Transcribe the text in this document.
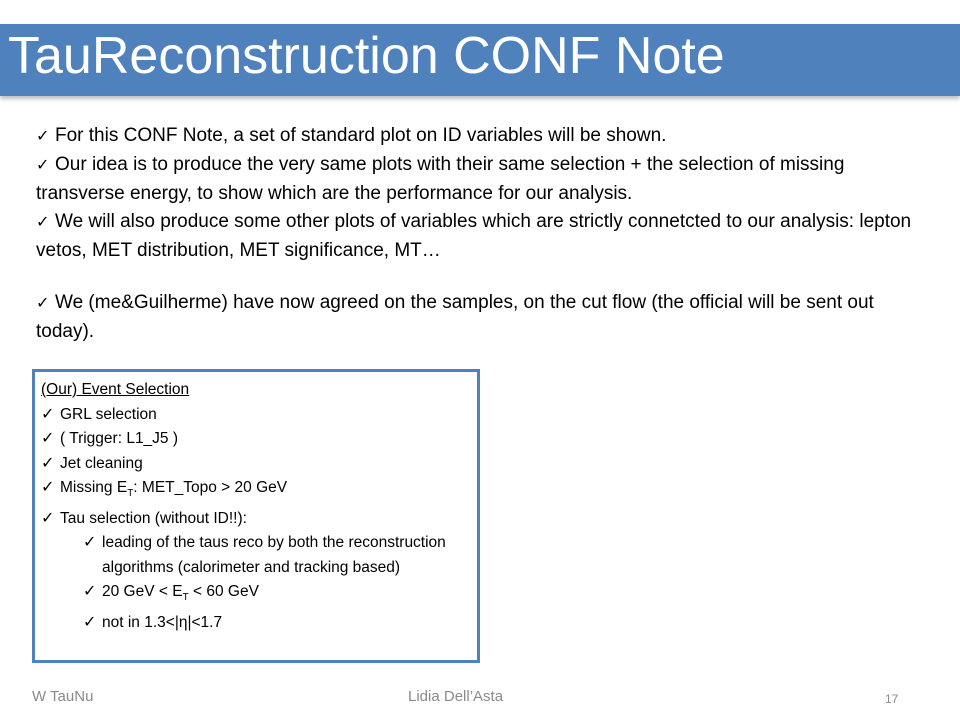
TauReconstruction CONF Note

✓ For this CONF Note, a set of standard plot on ID variables will be shown.

✓ Our idea is to produce the very same plots with their same selection + the selection of missing transverse energy, to show which are the performance for our analysis.

✓ We will also produce some other plots of variables which are strictly connetcted to our analysis: lepton vetos, MET distribution, MET significance, MT…

✓ We (me&Guilherme) have now agreed on the samples, on the cut flow (the official will be sent out today).

(Our) Event Selection

✓ GRL selection

✓ ( Trigger: L1_J5 )

✓ Jet cleaning

✓ Missing $E_T$: MET_Topo > 20 GeV

✓ Tau selection (without ID!!):

✓ leading of the taus reco by both the reconstruction algorithms (calorimeter and tracking based)

✓ 20 GeV < $E_T < 60$ GeV

✓ not in 1.3<|η|<1.7

W TauNu	Lidia Dell’Asta	17
